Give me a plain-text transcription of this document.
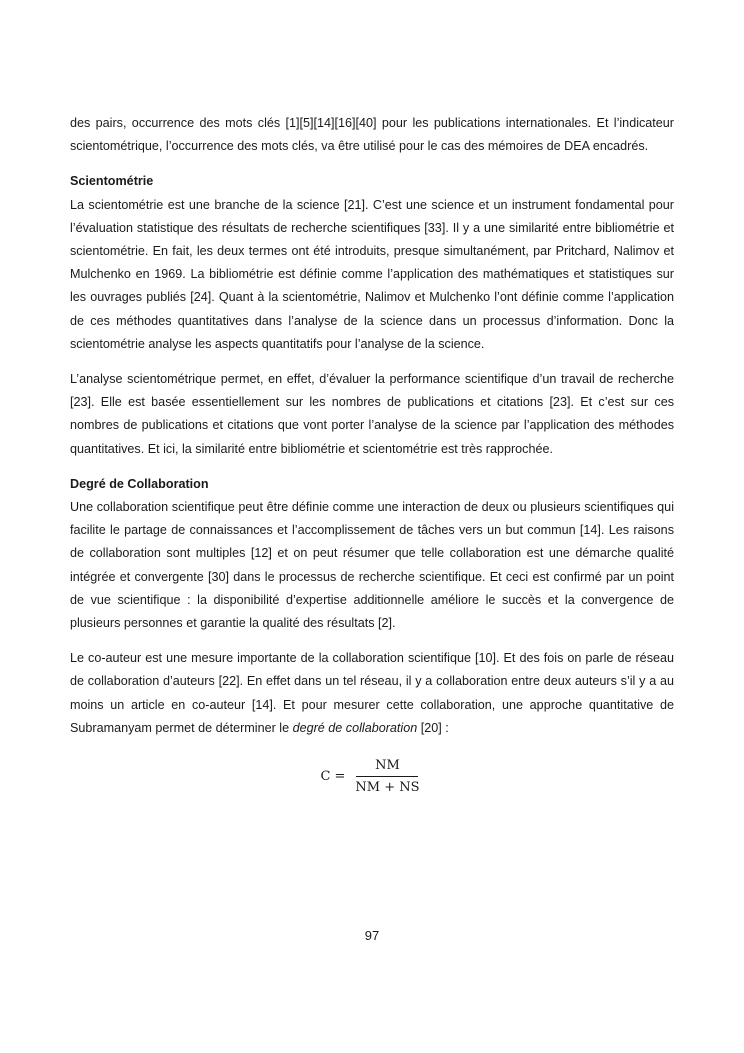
des pairs, occurrence des mots clés [1][5][14][16][40] pour les publications internationales. Et l’indicateur scientométrique, l’occurrence des mots clés, va être utilisé pour le cas des mémoires de DEA encadrés.

Scientométrie

La scientométrie est une branche de la science [21]. C’est une science et un instrument fondamental pour l’évaluation statistique des résultats de recherche scientifiques [33]. Il y a une similarité entre bibliométrie et scientométrie. En fait, les deux termes ont été introduits, presque simultanément, par Pritchard, Nalimov et Mulchenko en 1969. La bibliométrie est définie comme l’application des mathématiques et statistiques sur les ouvrages publiés [24]. Quant à la scientométrie, Nalimov et Mulchenko l’ont définie comme l’application de ces méthodes quantitatives dans l’analyse de la science dans un processus d’information. Donc la scientométrie analyse les aspects quantitatifs pour l’analyse de la science.

L’analyse scientométrique permet, en effet, d’évaluer la performance scientifique d’un travail de recherche [23]. Elle est basée essentiellement sur les nombres de publications et citations [23]. Et c’est sur ces nombres de publications et citations que vont porter l’analyse de la science par l’application des méthodes quantitatives. Et ici, la similarité entre bibliométrie et scientométrie est très rapprochée.

Degré de Collaboration

Une collaboration scientifique peut être définie comme une interaction de deux ou plusieurs scientifiques qui facilite le partage de connaissances et l’accomplissement de tâches vers un but commun [14]. Les raisons de collaboration sont multiples [12] et on peut résumer que telle collaboration est une démarche qualité intégrée et convergente [30] dans le processus de recherche scientifique. Et ceci est confirmé par un point de vue scientifique : la disponibilité d’expertise additionnelle améliore le succès et la convergence de plusieurs personnes et garantie la qualité des résultats [2].

Le co-auteur est une mesure importante de la collaboration scientifique [10]. Et des fois on parle de réseau de collaboration d’auteurs [22]. En effet dans un tel réseau, il y a collaboration entre deux auteurs s’il y a au moins un article en co-auteur [14]. Et pour mesurer cette collaboration, une approche quantitative de Subramanyam permet de déterminer le degré de collaboration [20] :

$C = \frac{NM}{NM + NS}$
97
